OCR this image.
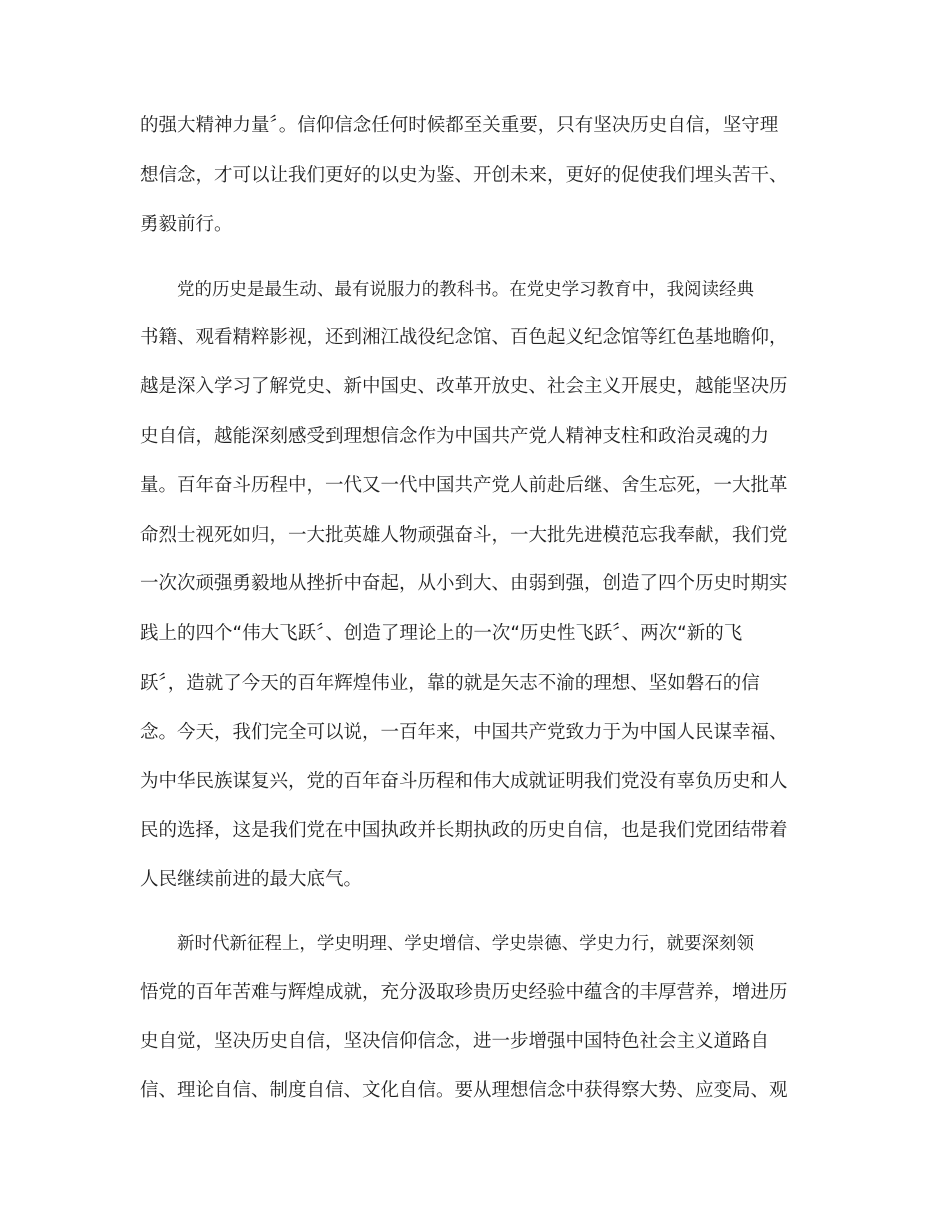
的强大精神力量〞。信仰信念任何时候都至关重要，只有坚决历史自信，坚守理
想信念，才可以让我们更好的以史为鉴、开创未来，更好的促使我们埋头苦干、
勇毅前行。
党的历史是最生动、最有说服力的教科书。在党史学习教育中，我阅读经典
书籍、观看精粹影视，还到湘江战役纪念馆、百色起义纪念馆等红色基地瞻仰，
越是深入学习了解党史、新中国史、改革开放史、社会主义开展史，越能坚决历
史自信，越能深刻感受到理想信念作为中国共产党人精神支柱和政治灵魂的力
量。百年奋斗历程中，一代又一代中国共产党人前赴后继、舍生忘死，一大批革
命烈士视死如归，一大批英雄人物顽强奋斗，一大批先进模范忘我奉献，我们党
一次次顽强勇毅地从挫折中奋起，从小到大、由弱到强，创造了四个历史时期实
践上的四个“伟大飞跃〞、创造了理论上的一次“历史性飞跃〞、两次“新的飞
跃〞，造就了今天的百年辉煌伟业，靠的就是矢志不渝的理想、坚如磐石的信
念。今天，我们完全可以说，一百年来，中国共产党致力于为中国人民谋幸福、
为中华民族谋复兴，党的百年奋斗历程和伟大成就证明我们党没有辜负历史和人
民的选择，这是我们党在中国执政并长期执政的历史自信，也是我们党团结带着
人民继续前进的最大底气。
新时代新征程上，学史明理、学史增信、学史崇德、学史力行，就要深刻领
悟党的百年苦难与辉煌成就，充分汲取珍贵历史经验中蕴含的丰厚营养，增进历
史自觉，坚决历史自信，坚决信仰信念，进一步增强中国特色社会主义道路自
信、理论自信、制度自信、文化自信。要从理想信念中获得察大势、应变局、观
